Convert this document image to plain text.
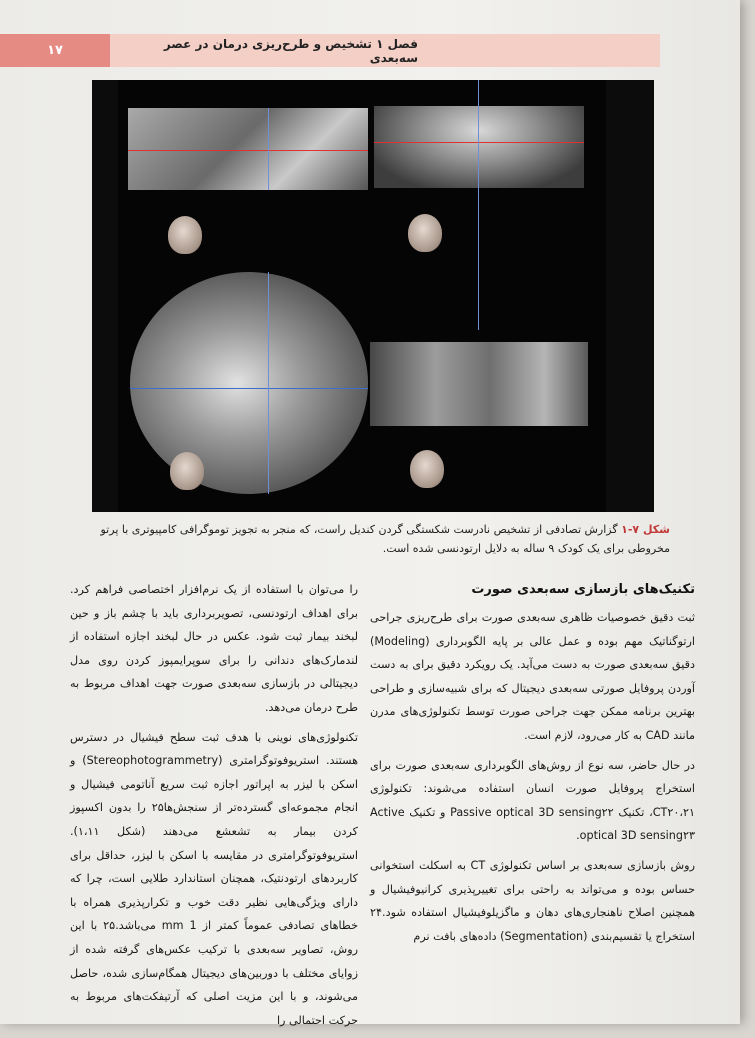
۱۷	فصل ۱ تشخیص و طرح‌ریزی درمان در عصر سه‌بعدی
شکل ۷-۱ گزارش تصادفی از تشخیص نادرست شکستگی گردن کندیل راست، که منجر به تجویز توموگرافی کامپیوتری با پرتو مخروطی برای یک کودک ۹ ساله به دلایل ارتودنسی شده است.
تکنیک‌های بازسازی سه‌بعدی صورت

ثبت دقیق خصوصیات ظاهری سه‌بعدی صورت برای طرح‌ریزی جراحی ارتوگناتیک مهم بوده و عمل عالی بر پایه الگوبرداری (Modeling) دقیق سه‌بعدی صورت به دست می‌آید. یک رویکرد دقیق برای به دست آوردن پروفایل صورتی سه‌بعدی دیجیتال که برای شبیه‌سازی و طراحی بهترین برنامه ممکن جهت جراحی صورت توسط تکنولوژی‌های مدرن مانند CAD به کار می‌رود، لازم است.

در حال حاضر، سه نوع از روش‌های الگوبرداری سه‌بعدی صورت برای استخراج پروفایل صورت انسان استفاده می‌شوند: تکنولوژی CT۲۰،۲۱، تکنیک Passive optical 3D sensing۲۲ و تکنیک Active optical 3D sensing۲۳.

روش بازسازی سه‌بعدی بر اساس تکنولوژی CT به اسکلت استخوانی حساس بوده و می‌تواند به راحتی برای تغییرپذیری کرانیوفیشیال و همچنین اصلاح ناهنجاری‌های دهان و ماگزیلوفیشیال استفاده شود.۲۴ استخراج یا تقسیم‌بندی (Segmentation) داده‌های بافت نرم

را می‌توان با استفاده از یک نرم‌افزار اختصاصی فراهم کرد. برای اهداف ارتودنسی، تصویربرداری باید با چشم باز و حین لبخند بیمار ثبت شود. عکس در حال لبخند اجازه استفاده از لندمارک‌های دندانی را برای سوپرایمپوز کردن روی مدل دیجیتالی در بازسازی سه‌بعدی صورت جهت اهداف مربوط به طرح درمان می‌دهد.

تکنولوژی‌های نوینی با هدف ثبت سطح فیشیال در دسترس هستند. استریوفوتوگرامتری (Stereophotogrammetry) و اسکن با لیزر به اپراتور اجازه ثبت سریع آناتومی فیشیال و انجام مجموعه‌ای گسترده‌تر از سنجش‌ها۲۵ را بدون اکسپوز کردن بیمار به تشعشع می‌دهند (شکل ۱،۱۱). استریوفوتوگرامتری در مقایسه با اسکن با لیزر، حداقل برای کاربردهای ارتودنتیک، همچنان استاندارد طلایی است، چرا که دارای ویژگی‌هایی نظیر دقت خوب و تکرارپذیری همراه با خطاهای تصادفی عموماً کمتر از 1 mm می‌باشد.۲۵ با این روش، تصاویر سه‌بعدی با ترکیب عکس‌های گرفته شده از زوایای مختلف با دوربین‌های دیجیتال همگام‌سازی شده، حاصل می‌شوند، و با این مزیت اصلی که آرتیفکت‌های مربوط به حرکت احتمالی را
